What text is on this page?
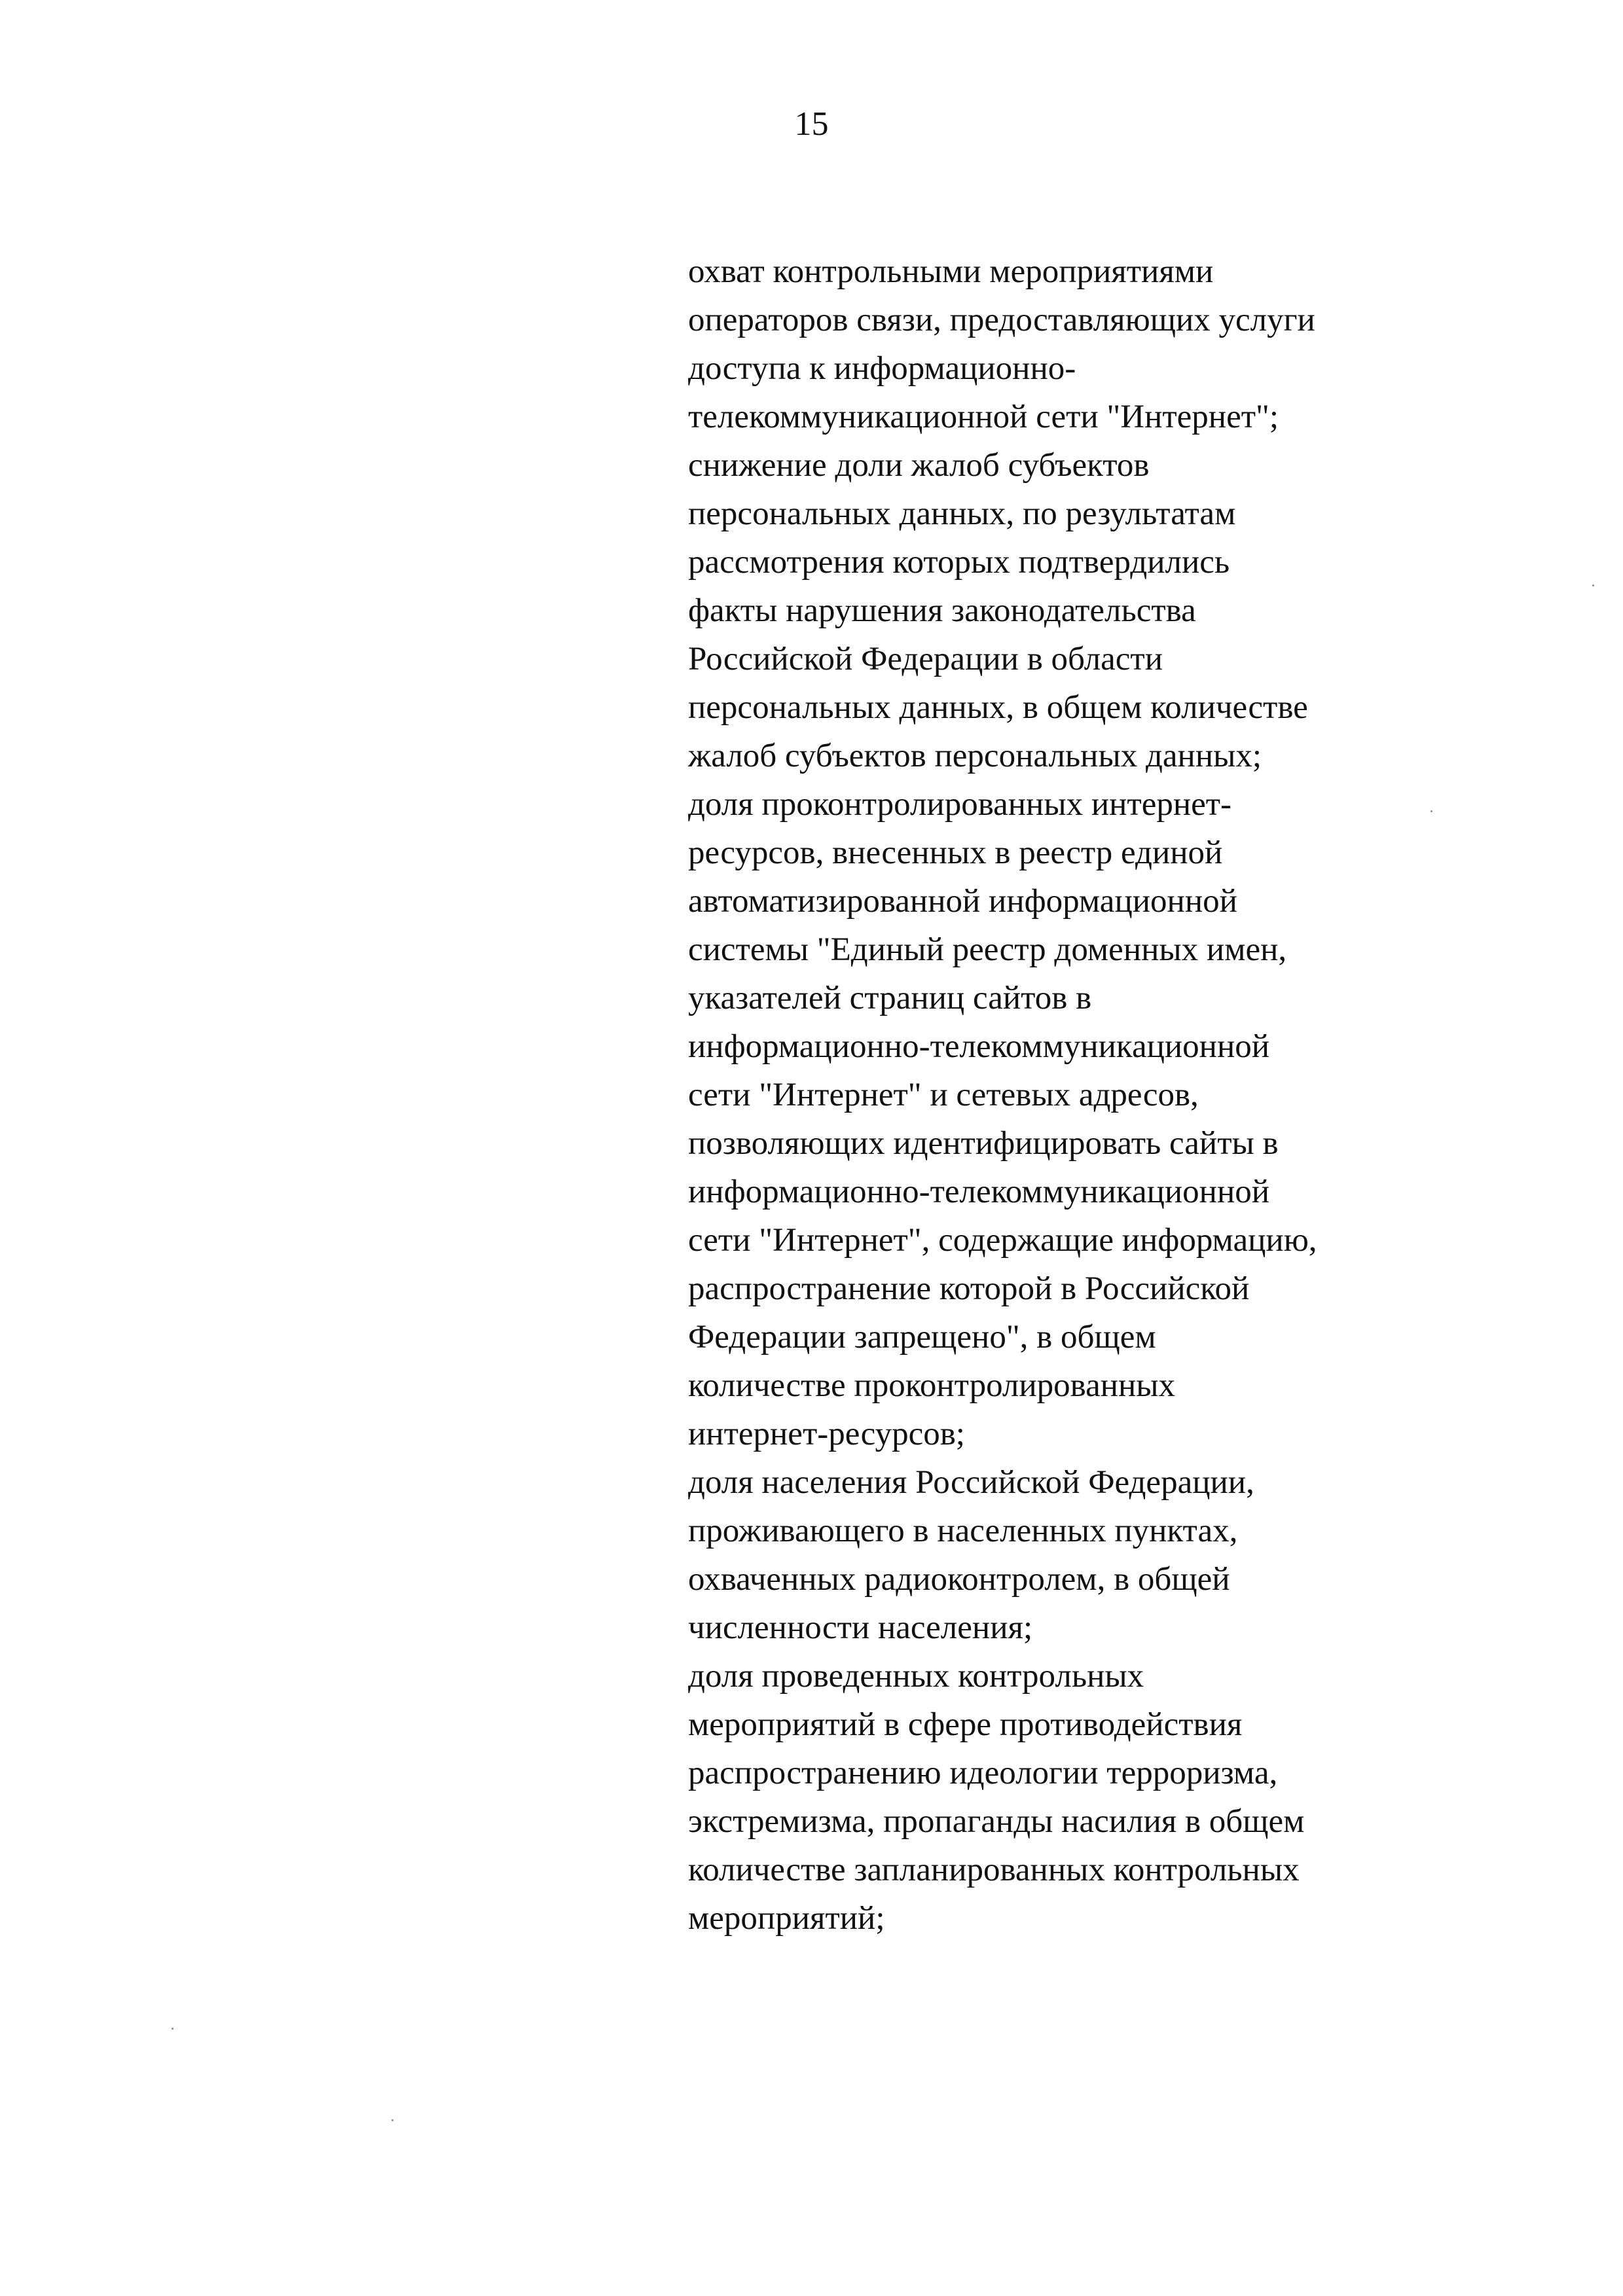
15
охват контрольными мероприятиями
операторов связи, предоставляющих услуги
доступа к информационно-
телекоммуникационной сети "Интернет";
снижение доли жалоб субъектов
персональных данных, по результатам
рассмотрения которых подтвердились
факты нарушения законодательства
Российской Федерации в области
персональных данных, в общем количестве
жалоб субъектов персональных данных;
доля проконтролированных интернет-
ресурсов, внесенных в реестр единой
автоматизированной информационной
системы "Единый реестр доменных имен,
указателей страниц сайтов в
информационно-телекоммуникационной
сети "Интернет" и сетевых адресов,
позволяющих идентифицировать сайты в
информационно-телекоммуникационной
сети "Интернет", содержащие информацию,
распространение которой в Российской
Федерации запрещено", в общем
количестве проконтролированных
интернет-ресурсов;
доля населения Российской Федерации,
проживающего в населенных пунктах,
охваченных радиоконтролем, в общей
численности населения;
доля проведенных контрольных
мероприятий в сфере противодействия
распространению идеологии терроризма,
экстремизма, пропаганды насилия в общем
количестве запланированных контрольных
мероприятий;
